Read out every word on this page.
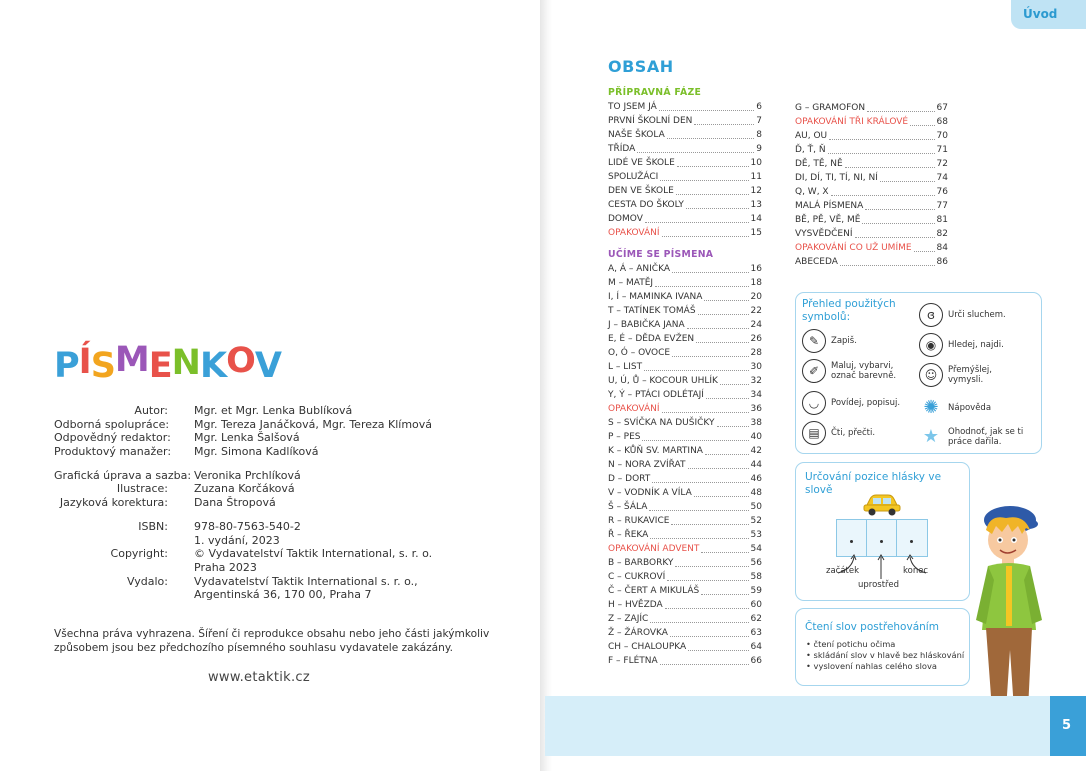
PÍSMENKOV
Autor:	Mgr. et Mgr. Lenka Bublíková
Odborná spolupráce:	Mgr. Tereza Janáčková, Mgr. Tereza Klímová
Odpovědný redaktor:	Mgr. Lenka Šalšová
Produktový manažer:	Mgr. Simona Kadlíková
Grafická úprava a sazba: Veronika Prchlíková
Ilustrace:	Zuzana Korčáková
Jazyková korektura:	Dana Štropová
ISBN:	978-80-7563-540-2
1. vydání, 2023
Copyright:	© Vydavatelství Taktik International, s. r. o.
Praha 2023
Vydalo:	Vydavatelství Taktik International s. r. o.,
Argentinská 36, 170 00, Praha 7
Všechna práva vyhrazena. Šíření či reprodukce obsahu nebo jeho části jakýmkoliv způsobem jsou bez předchozího písemného souhlasu vydavatele zakázány.
www.etaktik.cz
Úvod
OBSAH
PŘÍPRAVNÁ FÁZE
TO JSEM JÁ	6
PRVNÍ ŠKOLNÍ DEN	7
NAŠE ŠKOLA	8
TŘÍDA	9
LIDÉ VE ŠKOLE	10
SPOLUŽÁCI	11
DEN VE ŠKOLE	12
CESTA DO ŠKOLY	13
DOMOV	14
OPAKOVÁNÍ	15
UČÍME SE PÍSMENA
A, Á – ANIČKA	16
M – MATĚJ	18
I, Í – MAMINKA IVANA	20
T – TATÍNEK TOMÁŠ	22
J – BABIČKA JANA	24
E, É – DĚDA EVŽEN	26
O, Ó – OVOCE	28
L – LIST	30
U, Ú, Ů – KOCOUR UHLÍK	32
Y, Ý – PTÁCI ODLÉTAJÍ	34
OPAKOVÁNÍ	36
S – SVÍČKA NA DUŠIČKY	38
P – PES	40
K – KŮŇ SV. MARTINA	42
N – NORA ZVÍŘAT	44
D – DORT	46
V – VODNÍK A VÍLA	48
Š – ŠÁLA	50
R – RUKAVICE	52
Ř – ŘEKA	53
OPAKOVÁNÍ ADVENT	54
B – BARBORKY	56
C – CUKROVÍ	58
Č – ČERT A MIKULÁŠ	59
H – HVĚZDA	60
Z – ZAJÍC	62
Ž – ŽÁROVKA	63
CH – CHALOUPKA	64
F – FLÉTNA	66
G – GRAMOFON	67
OPAKOVÁNÍ TŘI KRÁLOVÉ	68
AU, OU	70
Ď, Ť, Ň	71
DĚ, TĚ, NĚ	72
DI, DÍ, TI, TÍ, NI, NÍ	74
Q, W, X	76
MALÁ PÍSMENA	77
BĚ, PĚ, VĚ, MĚ	81
VYSVĚDČENÍ	82
OPAKOVÁNÍ CO UŽ UMÍME	84
ABECEDA	86
Přehled použitých symbolů:
✎	Zapiš.
✐	Maluj, vybarvi, označ barevně.
◡	Povídej, popisuj.
▤	Čti, přečti.
ɞ	Urči sluchem.
◉	Hledej, najdi.
☺	Přemýšlej, vymysli.
✺	Nápověda
★	Ohodnoť, jak se ti práce dařila.
Určování pozice hlásky ve slově
začátek
uprostřed
konec
Čtení slov postřehováním
• čtení potichu očima
• skládání slov v hlavě bez hláskování
• vyslovení nahlas celého slova
5
